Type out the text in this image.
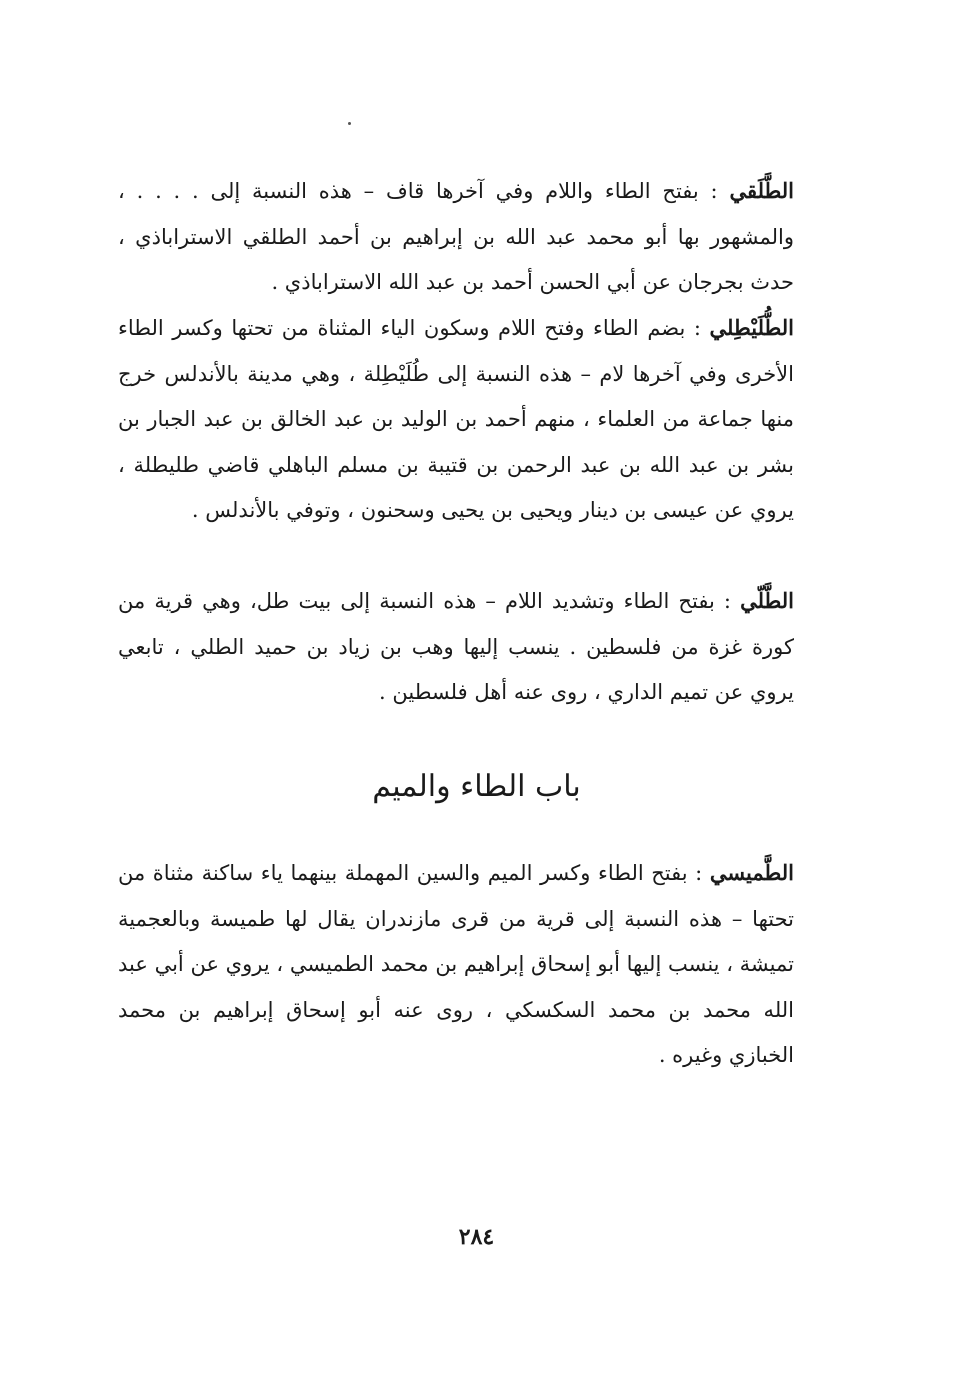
الطَّلَقي : بفتح الطاء واللام وفي آخرها قاف – هذه النسبة إلى . . . . ، والمشهور بها أبو محمد عبد الله بن إبراهيم بن أحمد الطلقي الاستراباذي ، حدث بجرجان عن أبي الحسن أحمد بن عبد الله الاستراباذي .

الطُّلَيْطِلي : بضم الطاء وفتح اللام وسكون الياء المثناة من تحتها وكسر الطاء الأخرى وفي آخرها لام – هذه النسبة إلى طُلَيْطِلة ، وهي مدينة بالأندلس خرج منها جماعة من العلماء ، منهم أحمد بن الوليد بن عبد الخالق بن عبد الجبار بن بشر بن عبد الله بن عبد الرحمن بن قتيبة بن مسلم الباهلي قاضي طليطلة ، يروي عن عيسى بن دينار ويحيى بن يحيى وسحنون ، وتوفي بالأندلس .

الطَّلّي : بفتح الطاء وتشديد اللام – هذه النسبة إلى بيت طل، وهي قرية من كورة غزة من فلسطين . ينسب إليها وهب بن زياد بن حميد الطلي ، تابعي يروي عن تميم الداري ، روى عنه أهل فلسطين .

باب الطاء والميم

الطَّميسي : بفتح الطاء وكسر الميم والسين المهملة بينهما ياء ساكنة مثناة من تحتها – هذه النسبة إلى قرية من قرى مازندران يقال لها طميسة وبالعجمية تميشة ، ينسب إليها أبو إسحاق إبراهيم بن محمد الطميسي ، يروي عن أبي عبد الله محمد بن محمد السكسكي ، روى عنه أبو إسحاق إبراهيم بن محمد الخبازي وغيره .

٢٨٤
